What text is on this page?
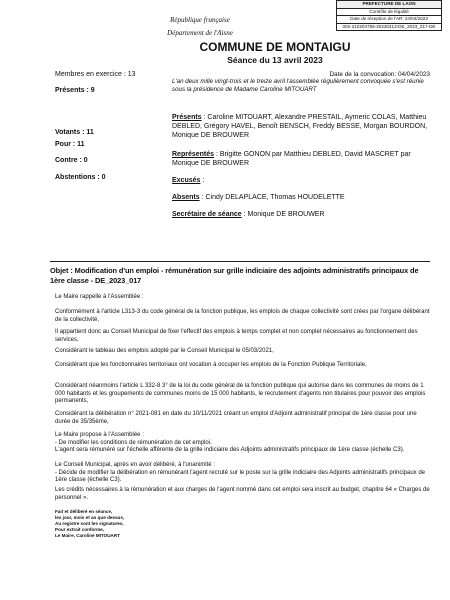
République française
Département de l'Aisne
PREFECTURE DE LAON
Contrôle de légalité
Date de réception de l'AR: 24/04/2023
002-210204756-20230413-DE_2023_017-DE
COMMUNE DE MONTAIGU
Séance du 13 avril 2023
Membres en exercice : 13
Présents : 9
Votants : 11
Pour : 11
Contre : 0
Abstentions : 0
Date de la convocation: 04/04/2023
L'an deux mille vingt-trois et le treize avril l'assemblée régulièrement convoquée s'est réunie sous la présidence de Madame Caroline MITOUART
Présents : Caroline MITOUART, Alexandre PRESTAIL, Aymeric COLAS, Matthieu DEBLED, Grégory HAVEL, Benoît BENSCH, Freddy BESSE, Morgan BOURDON, Monique DE BROUWER
Représentés : Brigitte GONON par Matthieu DEBLED, David MASCRET par Monique DE BROUWER
Excusés :
Absents : Cindy DELAPLACE, Thomas HOUDELETTE
Secrétaire de séance : Monique DE BROUWER
Objet : Modification d'un emploi - rémunération sur grille indiciaire des adjoints administratifs principaux de 1ère classe - DE_2023_017
Le Maire rappelle à l'Assemblée :
Conformément à l'article L313-3 du code général de la fonction publique, les emplois de chaque collectivité sont crées par l'organe délibérant de la collectivité,
Il appartient donc au Conseil Municipal de fixer l'effectif des emplois à temps complet et non complet nécessaires au fonctionnement des services,
Considérant le tableau des emplois adopté par le Conseil Municipal le 05/03/2021,
Considérant que les fonctionnaires territoriaux ont vocation à occuper les emplois de la Fonction Publique Territoriale,
Considérant néanmoins l'article L 332-8 3° de la loi du code général de la fonction publique qui autorise dans les communes de moins de 1 000 habitants et les groupements de communes moins de 15 000 habitants, le recrutement d'agents non titulaires pour pouvoir des emplois permanents,
Considérant la délibération n° 2021-081 en date du 10/11/2021 créant un emploi d'Adjoint administratif principal de 1ère classe pour une durée de 35/35ème,
Le Maire propose à l'Assemblée :
- De modifier les conditions de rémunération de cet emploi.
L'agent sera rémunéré sur l'échelle afférente de la grille indiciaire des Adjoints administratifs principaux de 1ère classe (échelle C3).
Le Conseil Municipal, après en avoir délibéré, à l'unanimité :
- Décide de modifier la délibération en rémunérant l'agent recruté sur le poste sur la grille indiciaire des Adjoints administratifs principaux de 1ère classe (échelle C3).
Les crédits nécessaires à la rémunération et aux charges de l'agent nommé dans cet emploi sera inscrit au budget, chapitre 64 « Charges de personnel ».
Fait et délibéré en séance,
les jour, mois et an que dessus,
Au registre sont les signatures,
Pour extrait conforme,
Le Maire, Caroline MITOUART
